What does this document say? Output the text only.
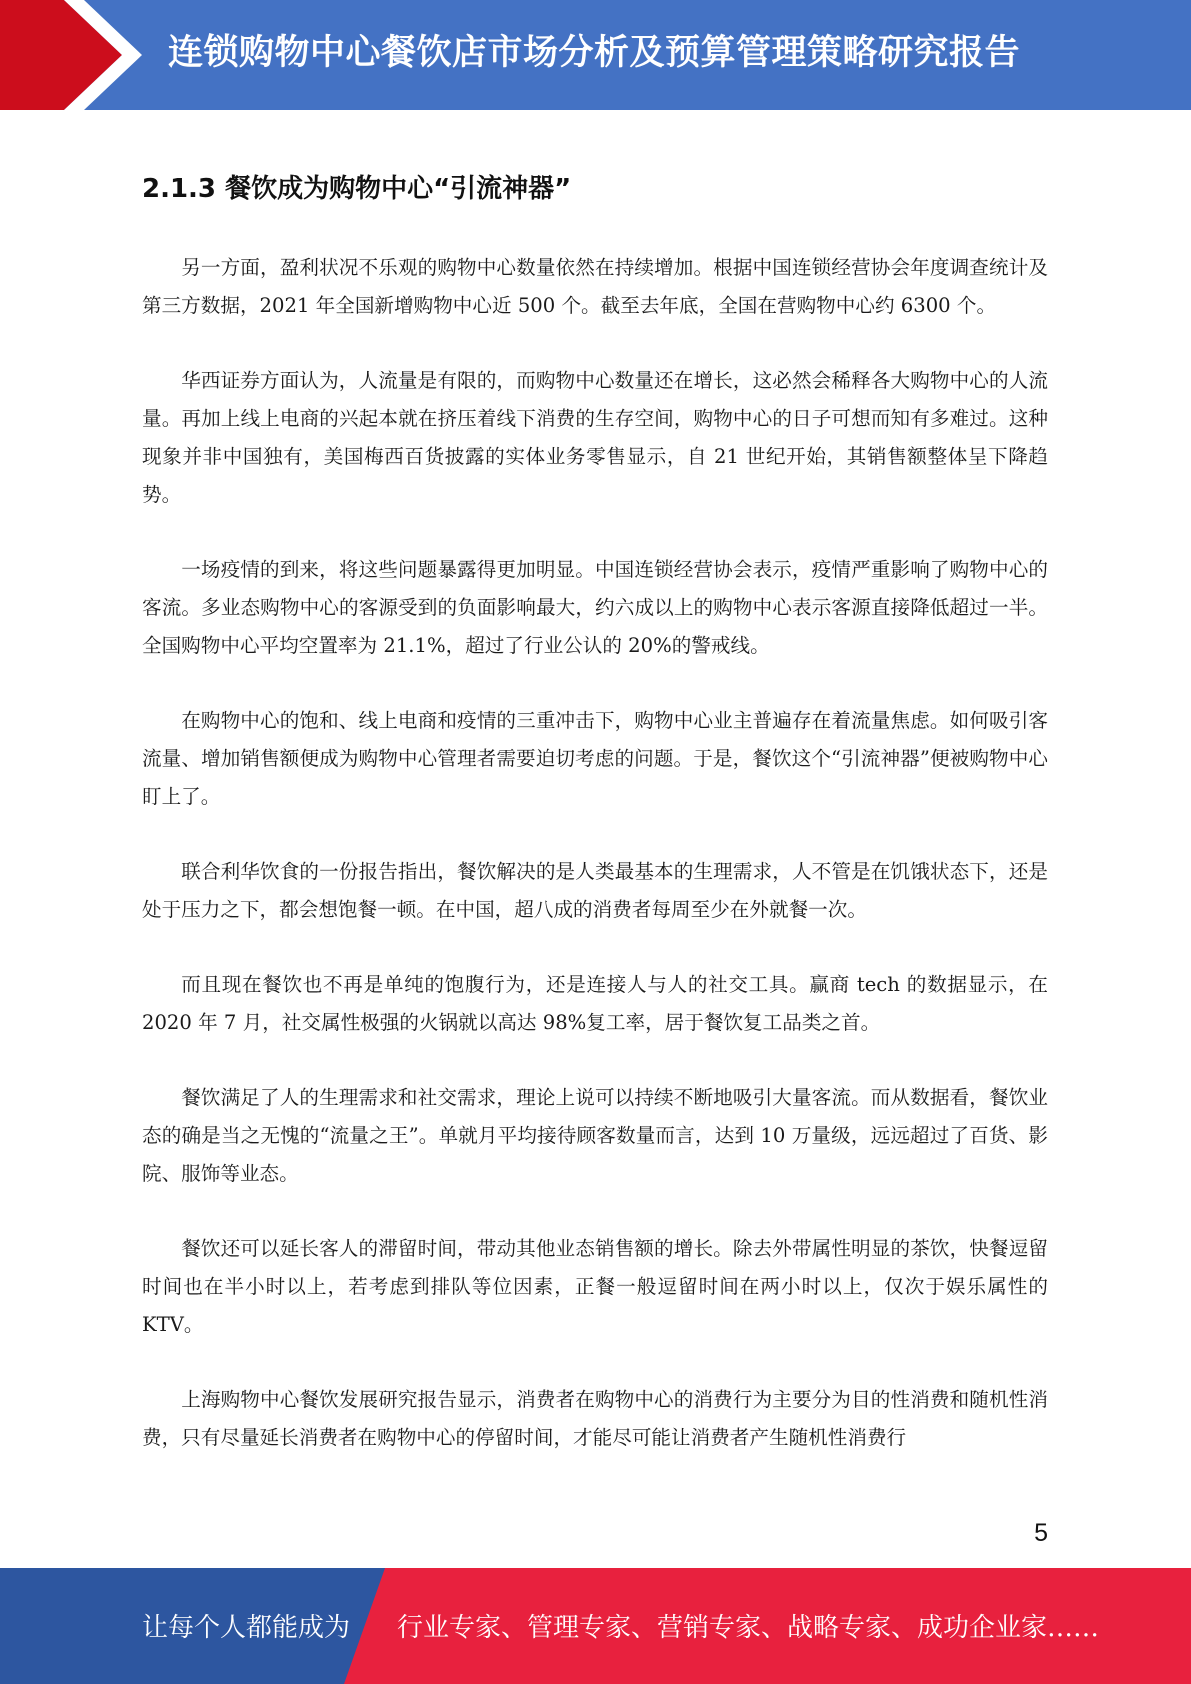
连锁购物中心餐饮店市场分析及预算管理策略研究报告
2.1.3 餐饮成为购物中心“引流神器”

另一方面，盈利状况不乐观的购物中心数量依然在持续增加。根据中国连锁经营协会年度调查统计及第三方数据，2021 年全国新增购物中心近 500 个。截至去年底，全国在营购物中心约 6300 个。

华西证券方面认为，人流量是有限的，而购物中心数量还在增长，这必然会稀释各大购物中心的人流量。再加上线上电商的兴起本就在挤压着线下消费的生存空间，购物中心的日子可想而知有多难过。这种现象并非中国独有，美国梅西百货披露的实体业务零售显示，自 21 世纪开始，其销售额整体呈下降趋势。

一场疫情的到来，将这些问题暴露得更加明显。中国连锁经营协会表示，疫情严重影响了购物中心的客流。多业态购物中心的客源受到的负面影响最大，约六成以上的购物中心表示客源直接降低超过一半。全国购物中心平均空置率为 21.1%，超过了行业公认的 20%的警戒线。

在购物中心的饱和、线上电商和疫情的三重冲击下，购物中心业主普遍存在着流量焦虑。如何吸引客流量、增加销售额便成为购物中心管理者需要迫切考虑的问题。于是，餐饮这个“引流神器”便被购物中心盯上了。

联合利华饮食的一份报告指出，餐饮解决的是人类最基本的生理需求，人不管是在饥饿状态下，还是处于压力之下，都会想饱餐一顿。在中国，超八成的消费者每周至少在外就餐一次。

而且现在餐饮也不再是单纯的饱腹行为，还是连接人与人的社交工具。赢商 tech 的数据显示，在 2020 年 7 月，社交属性极强的火锅就以高达 98%复工率，居于餐饮复工品类之首。

餐饮满足了人的生理需求和社交需求，理论上说可以持续不断地吸引大量客流。而从数据看，餐饮业态的确是当之无愧的“流量之王”。单就月平均接待顾客数量而言，达到 10 万量级，远远超过了百货、影院、服饰等业态。

餐饮还可以延长客人的滞留时间，带动其他业态销售额的增长。除去外带属性明显的茶饮，快餐逗留时间也在半小时以上，若考虑到排队等位因素，正餐一般逗留时间在两小时以上，仅次于娱乐属性的 KTV。

上海购物中心餐饮发展研究报告显示，消费者在购物中心的消费行为主要分为目的性消费和随机性消费，只有尽量延长消费者在购物中心的停留时间，才能尽可能让消费者产生随机性消费行

5
让每个人都能成为 行业专家、管理专家、营销专家、战略专家、成功企业家……
